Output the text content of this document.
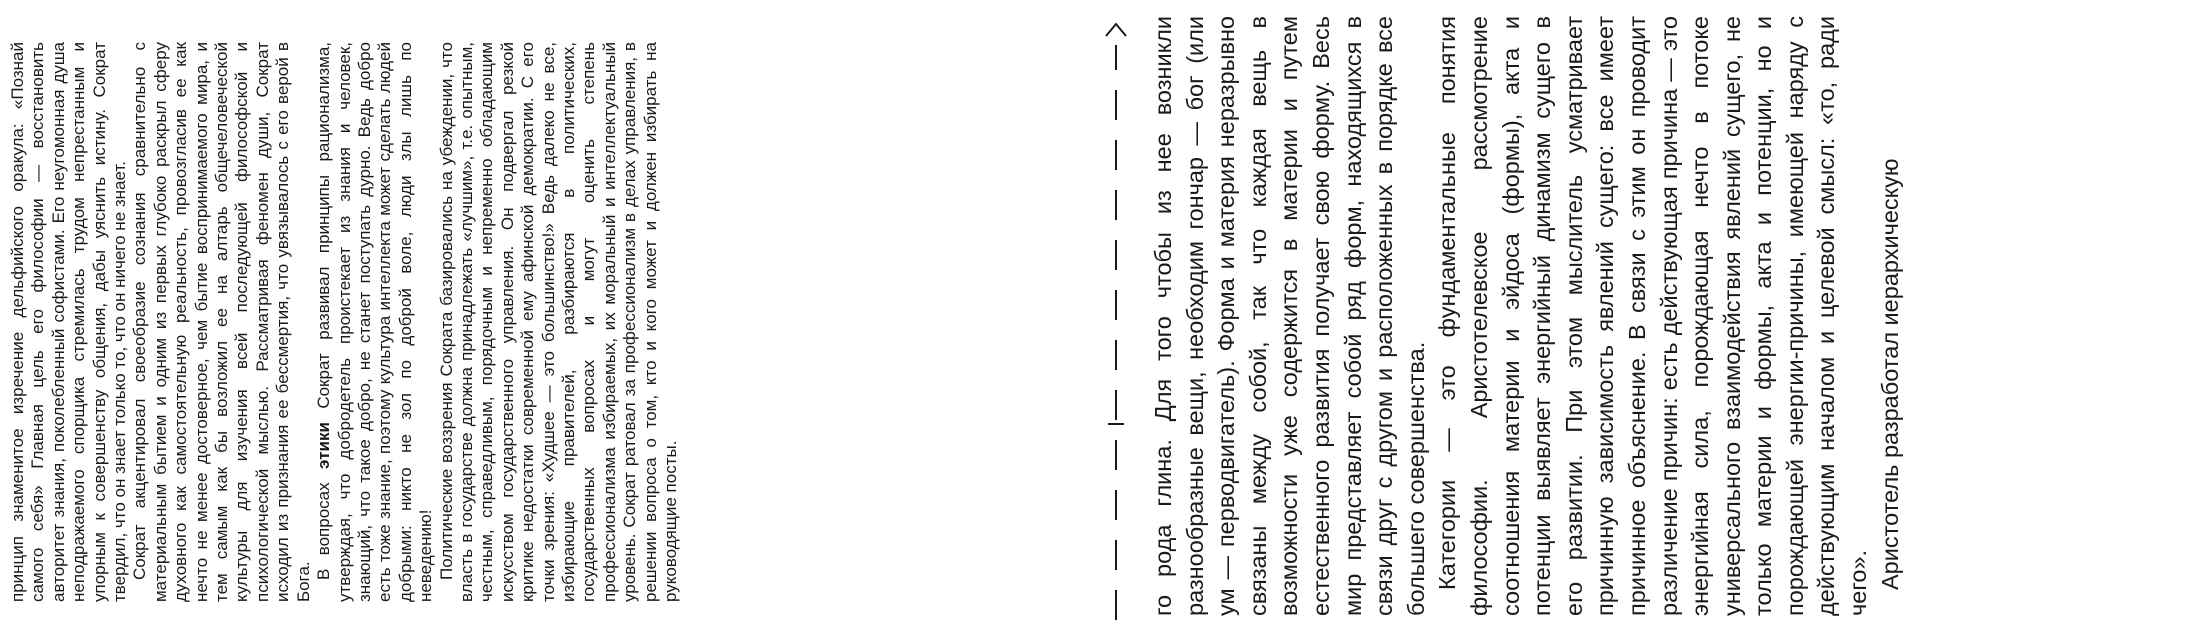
принцип знаменитое изречение дельфийского оракула: «Познай самого себя» Главная цель его философии — восстановить авторитет знания, поколебленный софистами. Его неугомонная душа неподражаемого спорщика стремилась трудом непрестанным и упорным к совершенству общения, дабы уяснить истину. Сократ твердил, что он знает только то, что он ничего не знает. Сократ акцентировал своеобразие сознания сравнительно с материальным бытием и одним из первых глубоко раскрыл сферу духовного как самостоятельную реальность, провозгласив ее как нечто не менее достоверное, чем бытие воспринимаемого мира, и тем самым как бы возложил ее на алтарь общечеловеческой культуры для изучения всей последующей философской и психологической мыслью. Рассматривая феномен души, Сократ исходил из признания ее бессмертия, что увязывалось с его верой в Бога.

В вопросах этики Сократ развивал принципы рационализма, утверждая, что добродетель проистекает из знания и человек, знающий, что такое добро, не станет поступать дурно. Ведь добро есть тоже знание, поэтому культура интеллекта может сделать людей добрыми: никто не зол по доброй воле, люди злы лишь по неведению! Политические воззрения Сократа базировались на убеждении, что власть в государстве должна принадлежать «лучшим», т.е. опытным, честным, справедливым, порядочным и непременно обладающим искусством государственного управления. Он подвергал резкой критике недостатки современной ему афинской демократии. С его точки зрения: «Худшее — это большинство!» Ведь далеко не все, избирающие правителей, разбираются в политических, государственных вопросах и могут оценить степень профессионализма избираемых, их моральный и интеллектуальный уровень. Сократ ратовал за профессионализм в делах управления, в решении вопроса о том, кто и кого может и должен избирать на руководящие посты.	го рода глина. Для того чтобы из нее возникли разнообразные вещи, необходим гончар — бог (или ум — перводвигатель). Форма и материя неразрывно связаны между собой, так что каждая вещь в возможности уже содержится в материи и путем естественного развития получает свою форму. Весь мир представляет собой ряд форм, находящихся в связи друг с другом и расположенных в порядке все большего совершенства. Категории — это фундаментальные понятия философии. Аристотелевское рассмотрение соотношения материи и эйдоса (формы), акта и потенции выявляет энергийный динамизм сущего в его развитии. При этом мыслитель усматривает причинную зависимость явлений сущего: все имеет причинное объяснение. В связи с этим он проводит различение причин: есть действующая причина — это энергийная сила, порождающая нечто в потоке универсального взаимодействия явлений сущего, не только материи и формы, акта и потенции, но и порождающей энергии-причины, имеющей наряду с действующим началом и целевой смысл: «то, ради чего». Аристотель разработал иерархическую
